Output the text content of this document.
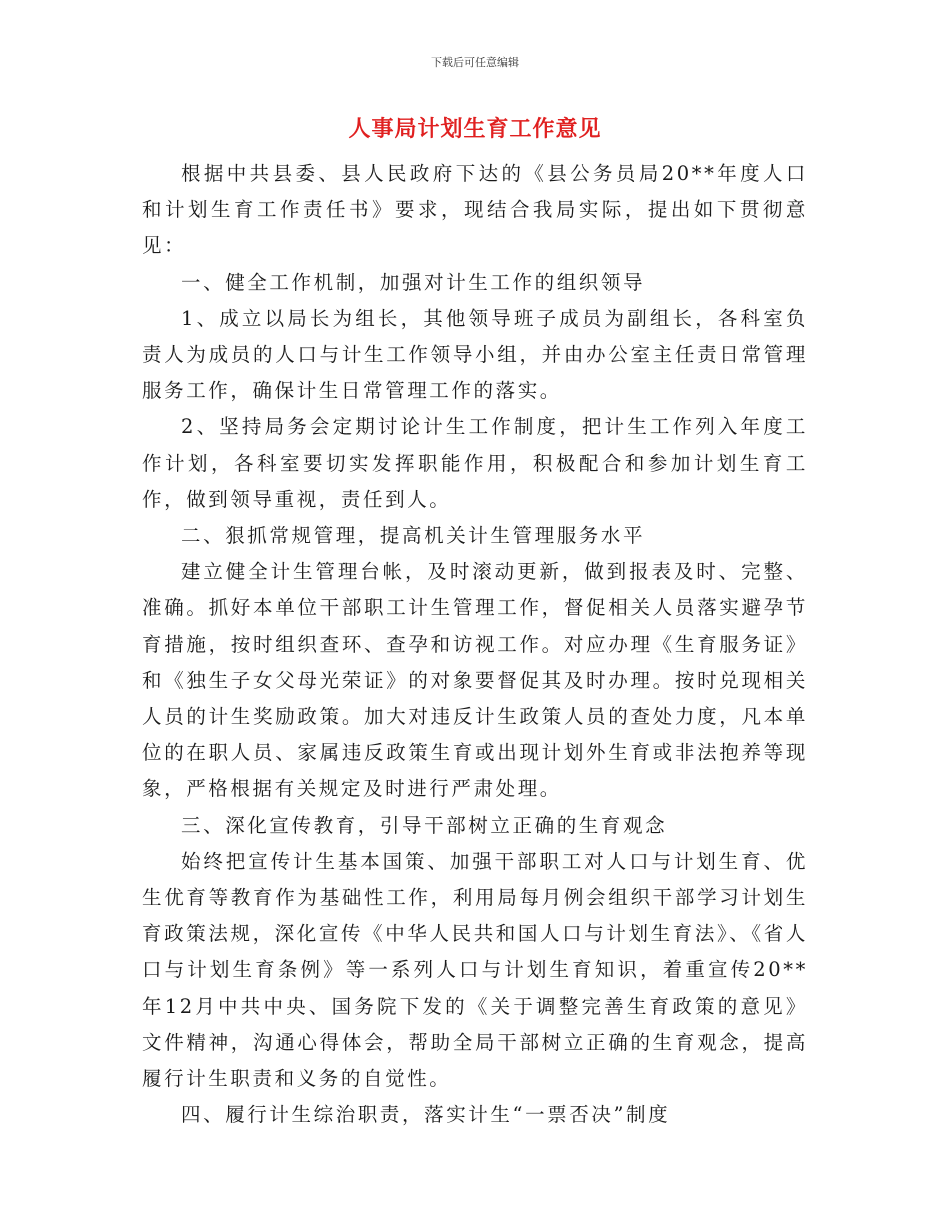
下载后可任意编辑
人事局计划生育工作意见

根据中共县委、县人民政府下达的《县公务员局20**年度人口和计划生育工作责任书》要求，现结合我局实际，提出如下贯彻意见：

一、健全工作机制，加强对计生工作的组织领导

1、成立以局长为组长，其他领导班子成员为副组长，各科室负责人为成员的人口与计生工作领导小组，并由办公室主任责日常管理服务工作，确保计生日常管理工作的落实。

2、坚持局务会定期讨论计生工作制度，把计生工作列入年度工作计划，各科室要切实发挥职能作用，积极配合和参加计划生育工作，做到领导重视，责任到人。

二、狠抓常规管理，提高机关计生管理服务水平

建立健全计生管理台帐，及时滚动更新，做到报表及时、完整、准确。抓好本单位干部职工计生管理工作，督促相关人员落实避孕节育措施，按时组织查环、查孕和访视工作。对应办理《生育服务证》和《独生子女父母光荣证》的对象要督促其及时办理。按时兑现相关人员的计生奖励政策。加大对违反计生政策人员的查处力度，凡本单位的在职人员、家属违反政策生育或出现计划外生育或非法抱养等现象，严格根据有关规定及时进行严肃处理。

三、深化宣传教育，引导干部树立正确的生育观念

始终把宣传计生基本国策、加强干部职工对人口与计划生育、优生优育等教育作为基础性工作，利用局每月例会组织干部学习计划生育政策法规，深化宣传《中华人民共和国人口与计划生育法》、《省人口与计划生育条例》等一系列人口与计划生育知识，着重宣传20**年12月中共中央、国务院下发的《关于调整完善生育政策的意见》文件精神，沟通心得体会，帮助全局干部树立正确的生育观念，提高履行计生职责和义务的自觉性。

四、履行计生综治职责，落实计生“一票否决”制度
